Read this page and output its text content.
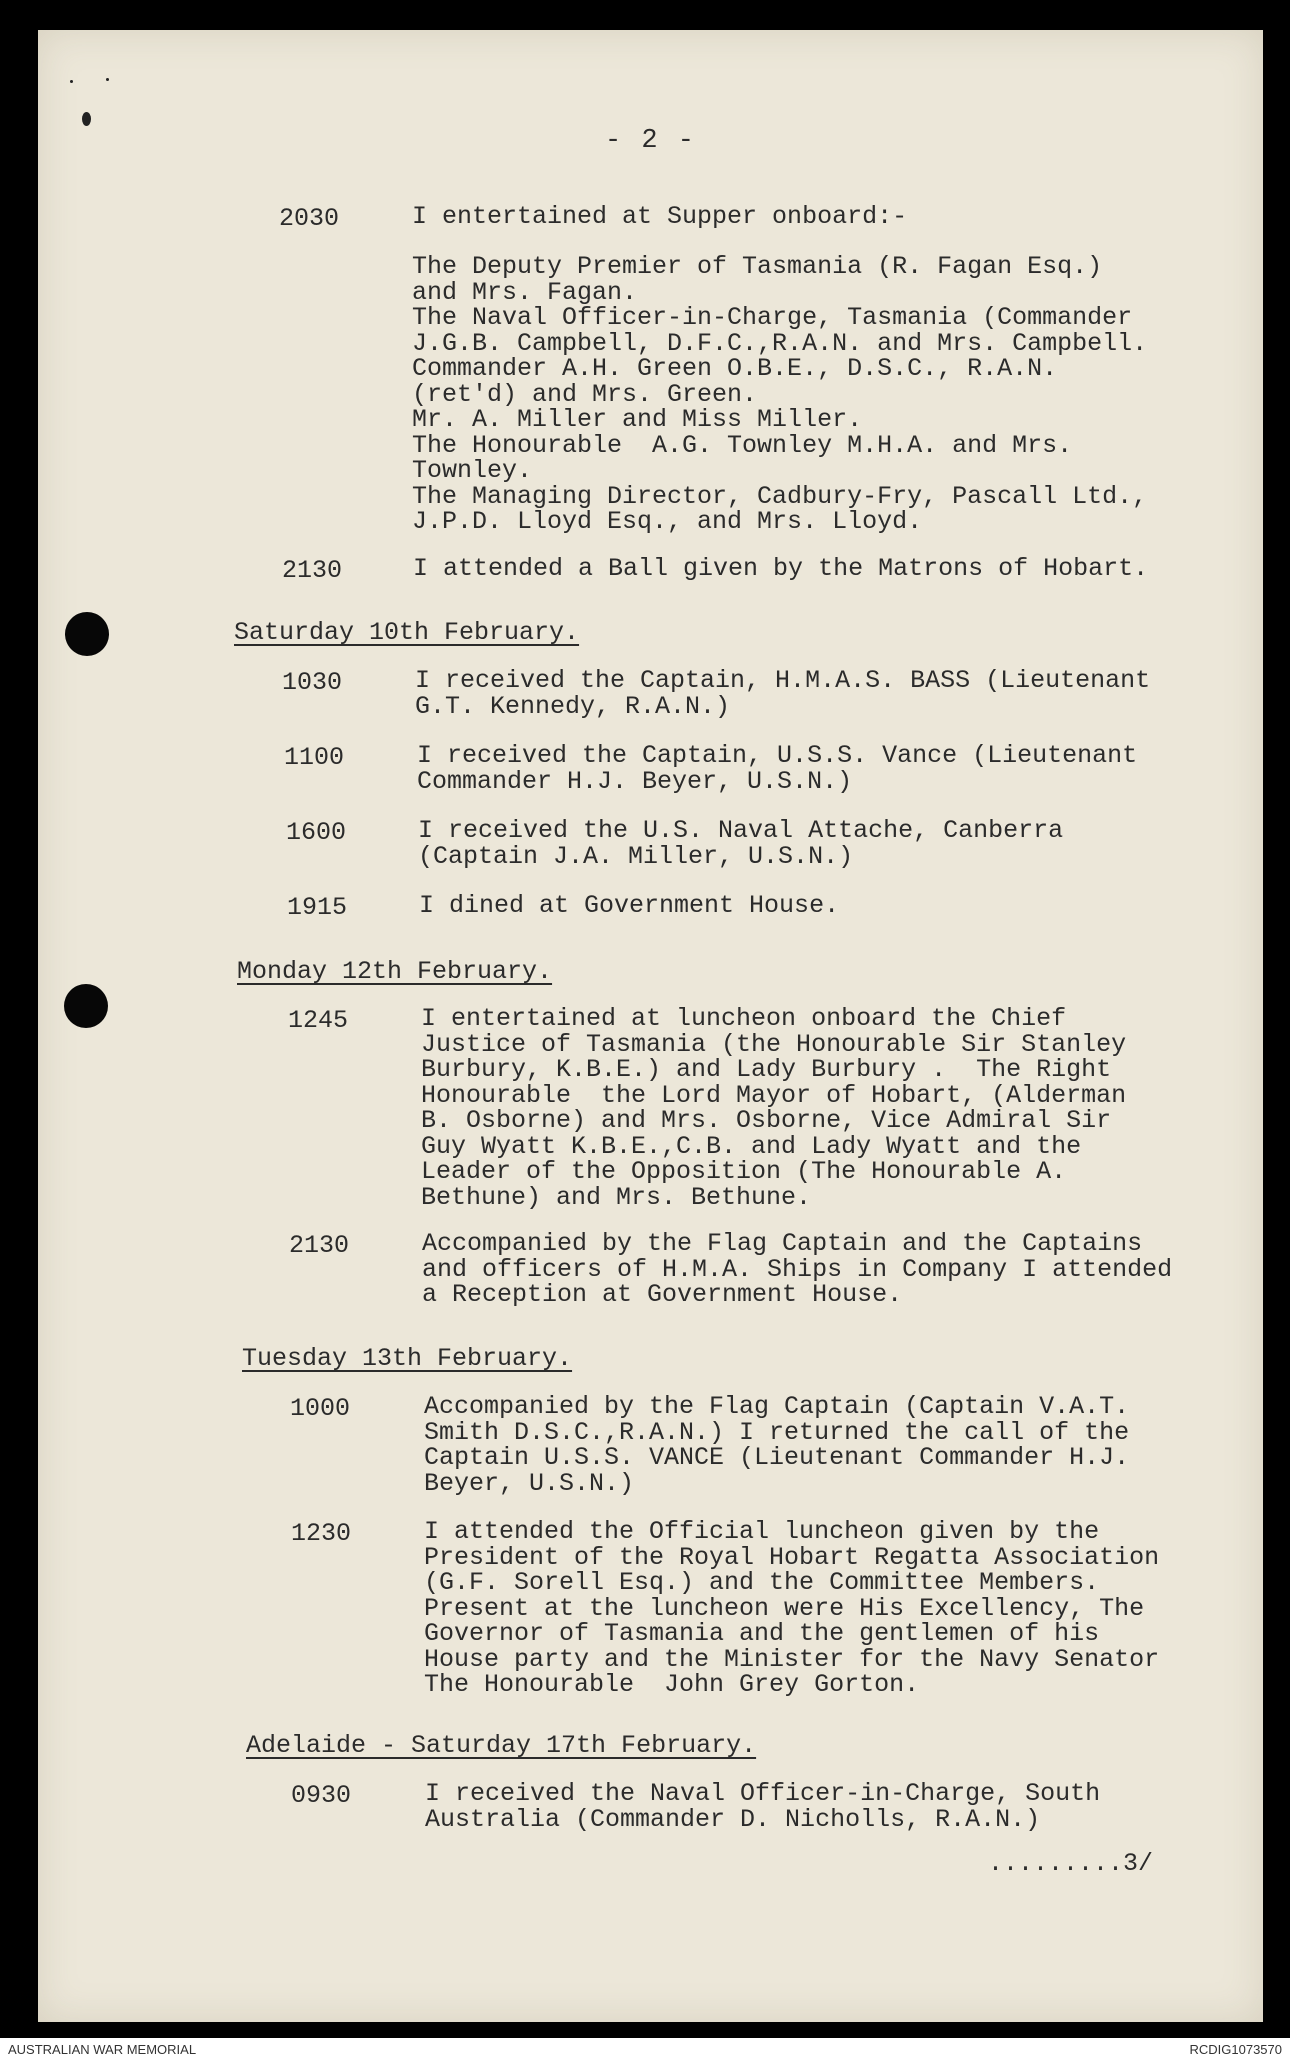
- 2 -
2030	I entertained at Supper onboard:-
The Deputy Premier of Tasmania (R. Fagan Esq.)
and Mrs. Fagan.
The Naval Officer-in-Charge, Tasmania (Commander
J.G.B. Campbell, D.F.C.,R.A.N. and Mrs. Campbell.
Commander A.H. Green O.B.E., D.S.C., R.A.N.
(ret'd) and Mrs. Green.
Mr. A. Miller and Miss Miller.
The Honourable  A.G. Townley M.H.A. and Mrs.
Townley.
The Managing Director, Cadbury-Fry, Pascall Ltd.,
J.P.D. Lloyd Esq., and Mrs. Lloyd.
2130	I attended a Ball given by the Matrons of Hobart.
Saturday 10th February.
1030	I received the Captain, H.M.A.S. BASS (Lieutenant
G.T. Kennedy, R.A.N.)
1100	I received the Captain, U.S.S. Vance (Lieutenant
Commander H.J. Beyer, U.S.N.)
1600	I received the U.S. Naval Attache, Canberra
(Captain J.A. Miller, U.S.N.)
1915	I dined at Government House.
Monday 12th February.
1245	I entertained at luncheon onboard the Chief
Justice of Tasmania (the Honourable Sir Stanley
Burbury, K.B.E.) and Lady Burbury .  The Right
Honourable  the Lord Mayor of Hobart, (Alderman
B. Osborne) and Mrs. Osborne, Vice Admiral Sir
Guy Wyatt K.B.E.,C.B. and Lady Wyatt and the
Leader of the Opposition (The Honourable A.
Bethune) and Mrs. Bethune.
2130	Accompanied by the Flag Captain and the Captains
and officers of H.M.A. Ships in Company I attended
a Reception at Government House.
Tuesday 13th February.
1000	Accompanied by the Flag Captain (Captain V.A.T.
Smith D.S.C.,R.A.N.) I returned the call of the
Captain U.S.S. VANCE (Lieutenant Commander H.J.
Beyer, U.S.N.)
1230	I attended the Official luncheon given by the
President of the Royal Hobart Regatta Association
(G.F. Sorell Esq.) and the Committee Members.
Present at the luncheon were His Excellency, The
Governor of Tasmania and the gentlemen of his
House party and the Minister for the Navy Senator
The Honourable  John Grey Gorton.
Adelaide - Saturday 17th February.
0930	I received the Naval Officer-in-Charge, South
Australia (Commander D. Nicholls, R.A.N.)
.........3/
AUSTRALIAN WAR MEMORIAL	RCDIG1073570
